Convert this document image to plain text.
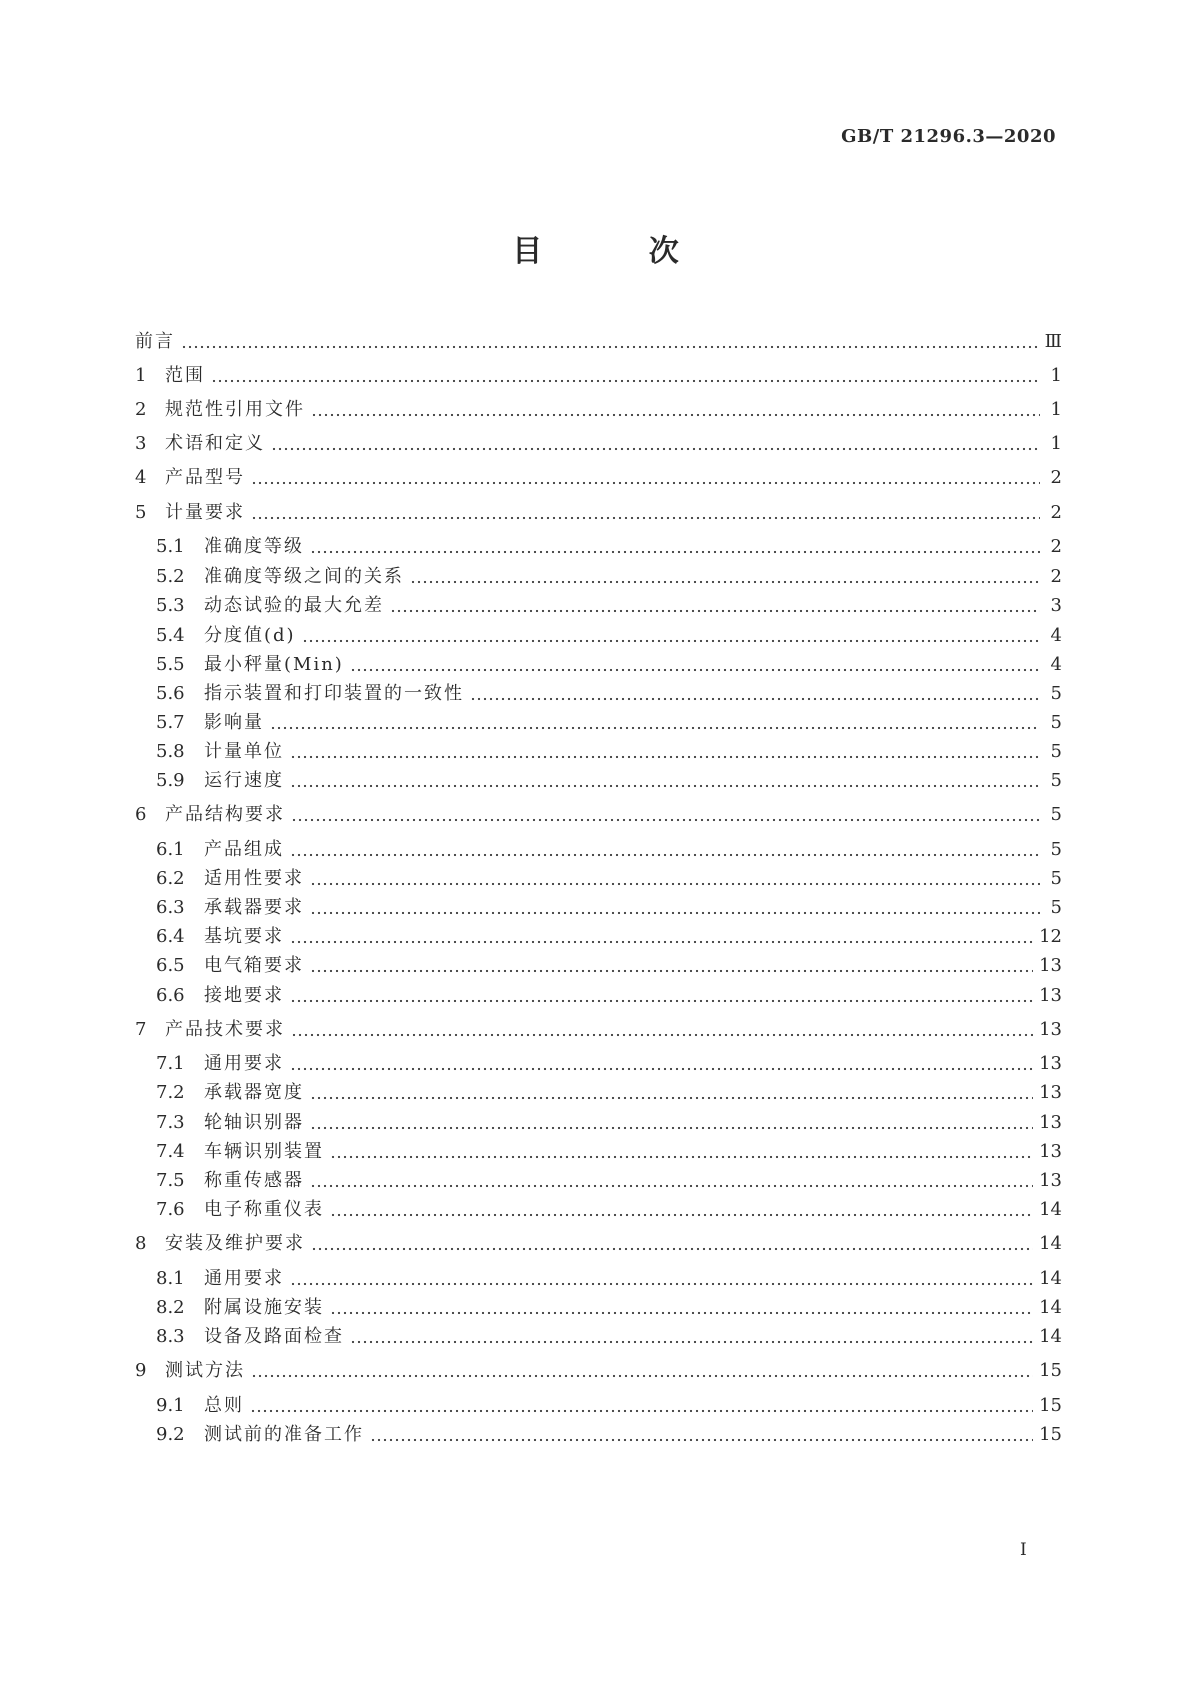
GB/T 21296.3—2020
目 次
前言	Ⅲ
1	范围	1
2	规范性引用文件	1
3	术语和定义	1
4	产品型号	2
5	计量要求	2
5.1	准确度等级	2
5.2	准确度等级之间的关系	2
5.3	动态试验的最大允差	3
5.4	分度值(d)	4
5.5	最小秤量(Min)	4
5.6	指示装置和打印装置的一致性	5
5.7	影响量	5
5.8	计量单位	5
5.9	运行速度	5
6	产品结构要求	5
6.1	产品组成	5
6.2	适用性要求	5
6.3	承载器要求	5
6.4	基坑要求	12
6.5	电气箱要求	13
6.6	接地要求	13
7	产品技术要求	13
7.1	通用要求	13
7.2	承载器宽度	13
7.3	轮轴识别器	13
7.4	车辆识别装置	13
7.5	称重传感器	13
7.6	电子称重仪表	14
8	安装及维护要求	14
8.1	通用要求	14
8.2	附属设施安装	14
8.3	设备及路面检查	14
9	测试方法	15
9.1	总则	15
9.2	测试前的准备工作	15
I
